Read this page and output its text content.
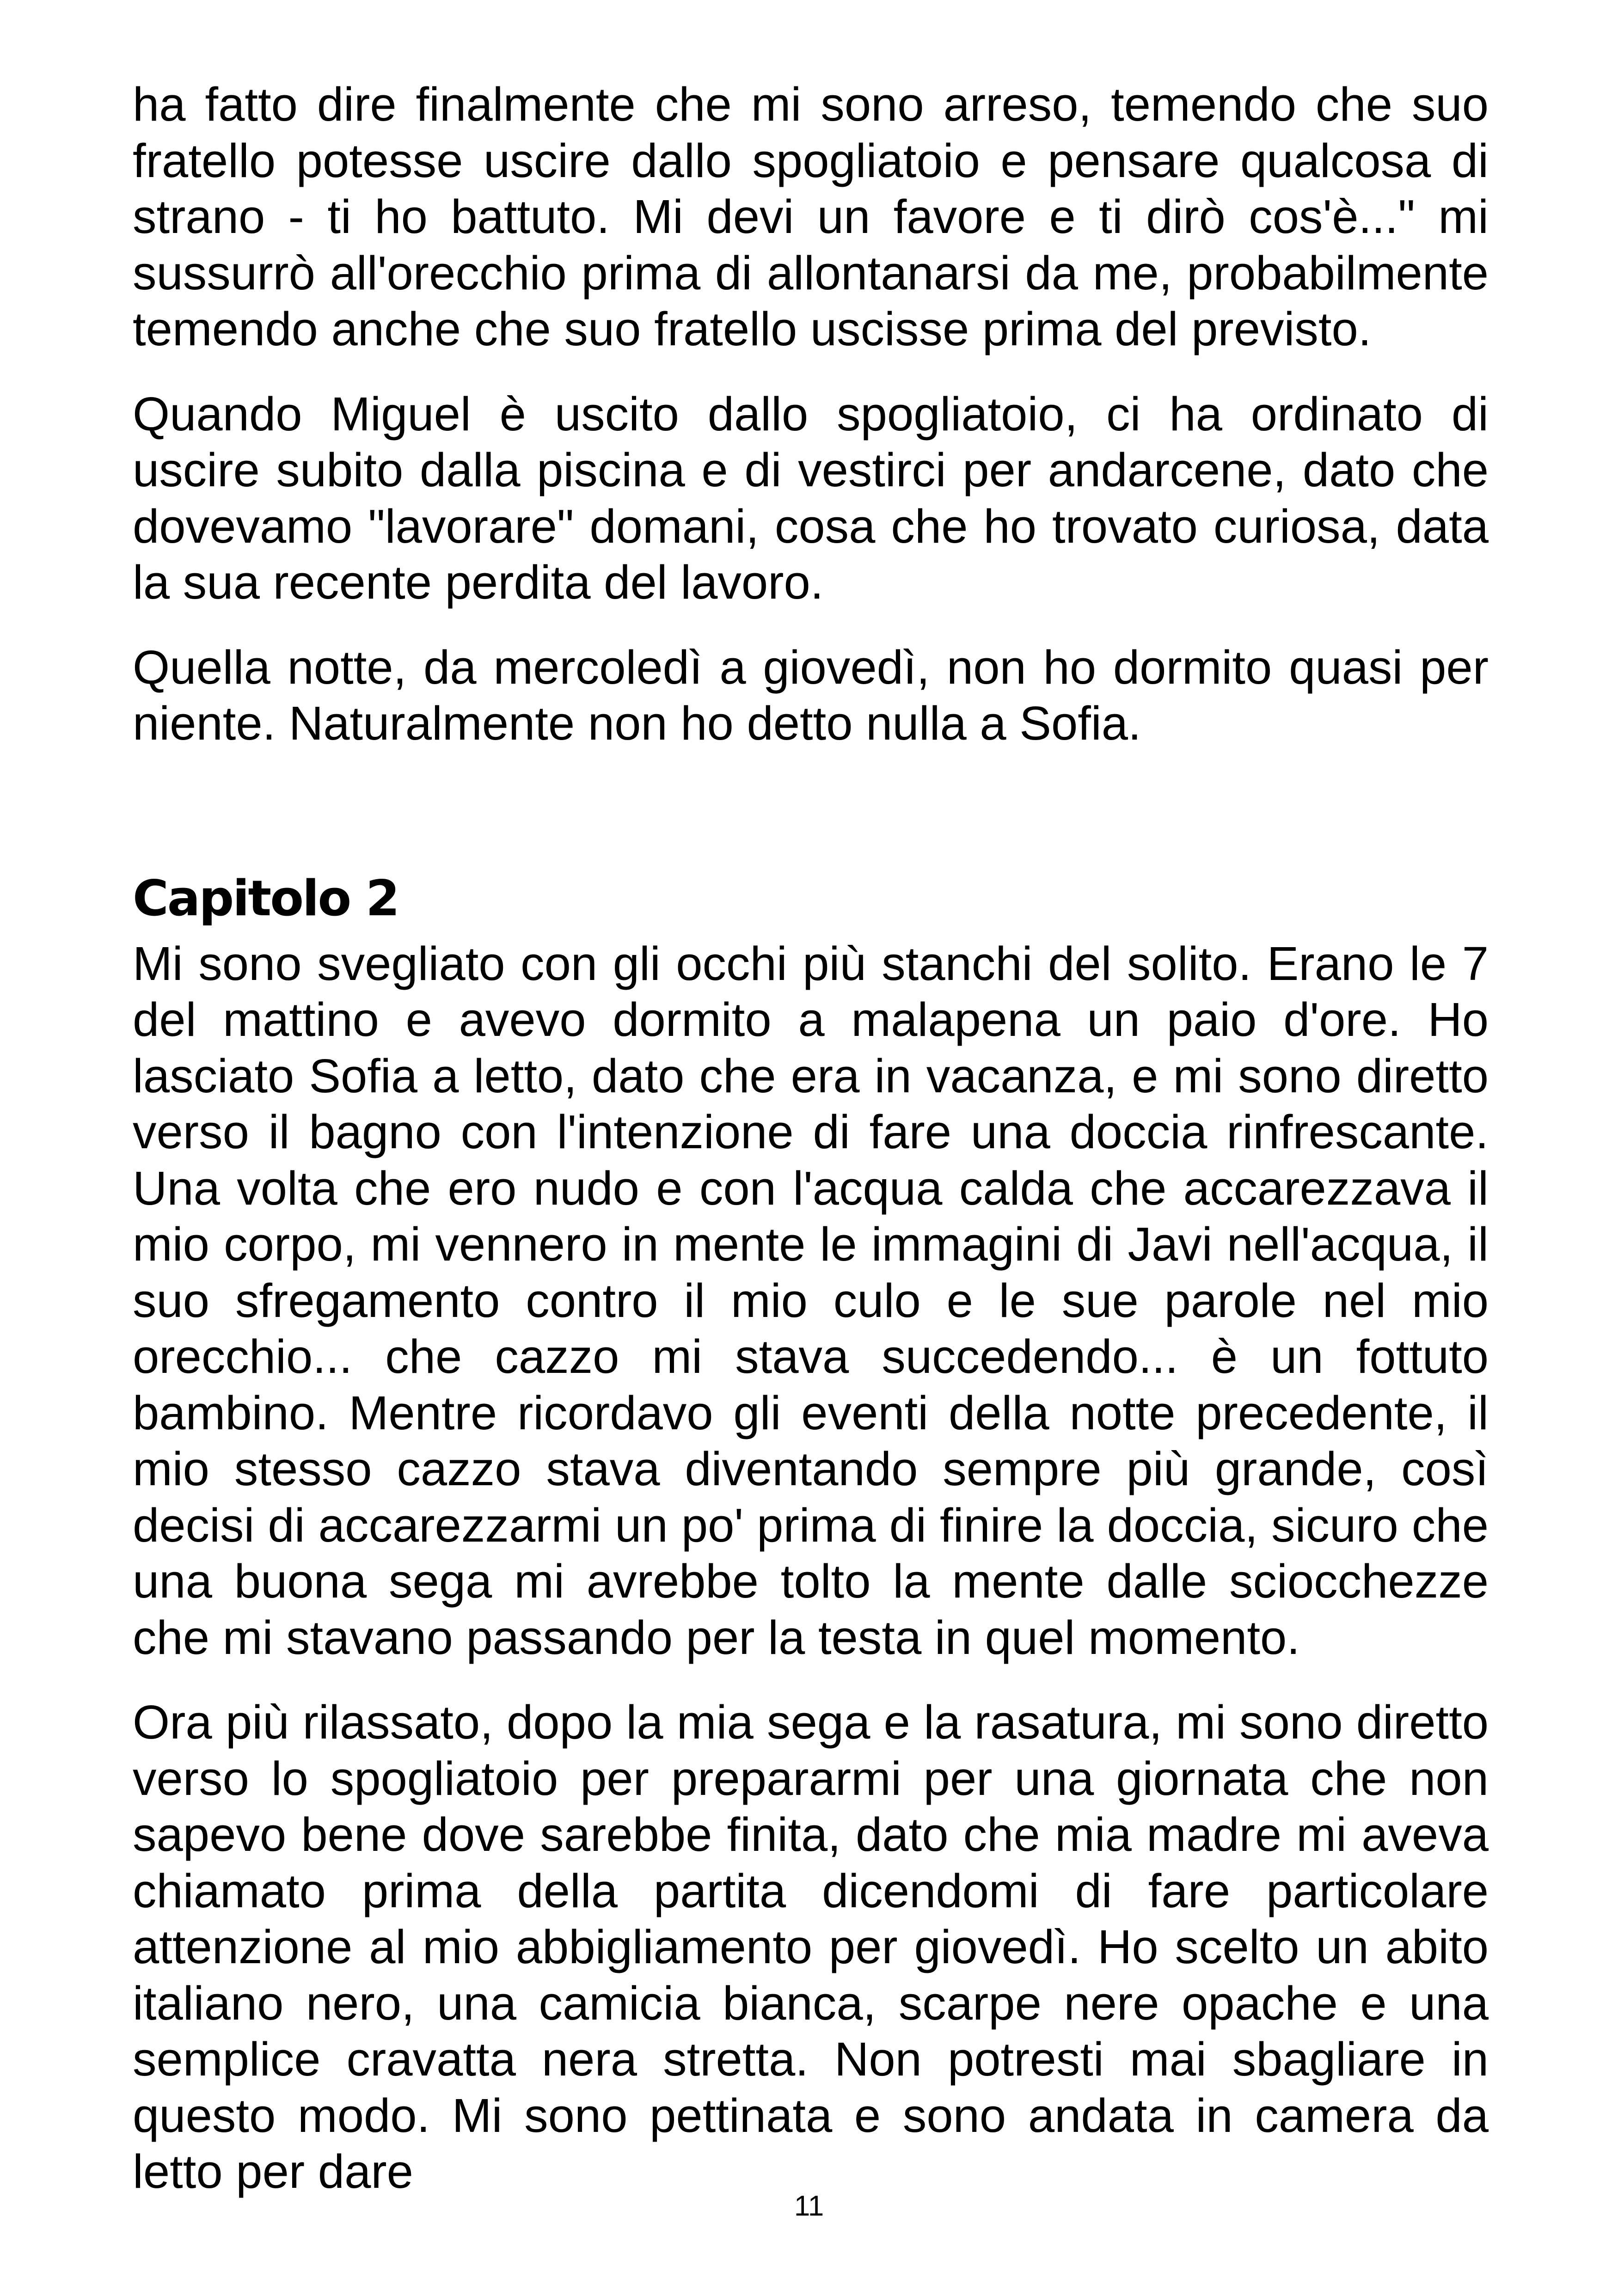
ha fatto dire finalmente che mi sono arreso, temendo che suo fratello potesse uscire dallo spogliatoio e pensare qualcosa di strano - ti ho battuto. Mi devi un favore e ti dirò cos'è..." mi sussurrò all'orecchio prima di allontanarsi da me, probabilmente temendo anche che suo fratello uscisse prima del previsto.

Quando Miguel è uscito dallo spogliatoio, ci ha ordinato di uscire subito dalla piscina e di vestirci per andarcene, dato che dovevamo "lavorare" domani, cosa che ho trovato curiosa, data la sua recente perdita del lavoro.

Quella notte, da mercoledì a giovedì, non ho dormito quasi per niente. Naturalmente non ho detto nulla a Sofia.

Capitolo 2

Mi sono svegliato con gli occhi più stanchi del solito. Erano le 7 del mattino e avevo dormito a malapena un paio d'ore. Ho lasciato Sofia a letto, dato che era in vacanza, e mi sono diretto verso il bagno con l'intenzione di fare una doccia rinfrescante. Una volta che ero nudo e con l'acqua calda che accarezzava il mio corpo, mi vennero in mente le immagini di Javi nell'acqua, il suo sfregamento contro il mio culo e le sue parole nel mio orecchio... che cazzo mi stava succedendo... è un fottuto bambino. Mentre ricordavo gli eventi della notte precedente, il mio stesso cazzo stava diventando sempre più grande, così decisi di accarezzarmi un po' prima di finire la doccia, sicuro che una buona sega mi avrebbe tolto la mente dalle sciocchezze che mi stavano passando per la testa in quel momento.

Ora più rilassato, dopo la mia sega e la rasatura, mi sono diretto verso lo spogliatoio per prepararmi per una giornata che non sapevo bene dove sarebbe finita, dato che mia madre mi aveva chiamato prima della partita dicendomi di fare particolare attenzione al mio abbigliamento per giovedì. Ho scelto un abito italiano nero, una camicia bianca, scarpe nere opache e una semplice cravatta nera stretta. Non potresti mai sbagliare in questo modo. Mi sono pettinata e sono andata in camera da letto per dare

11
